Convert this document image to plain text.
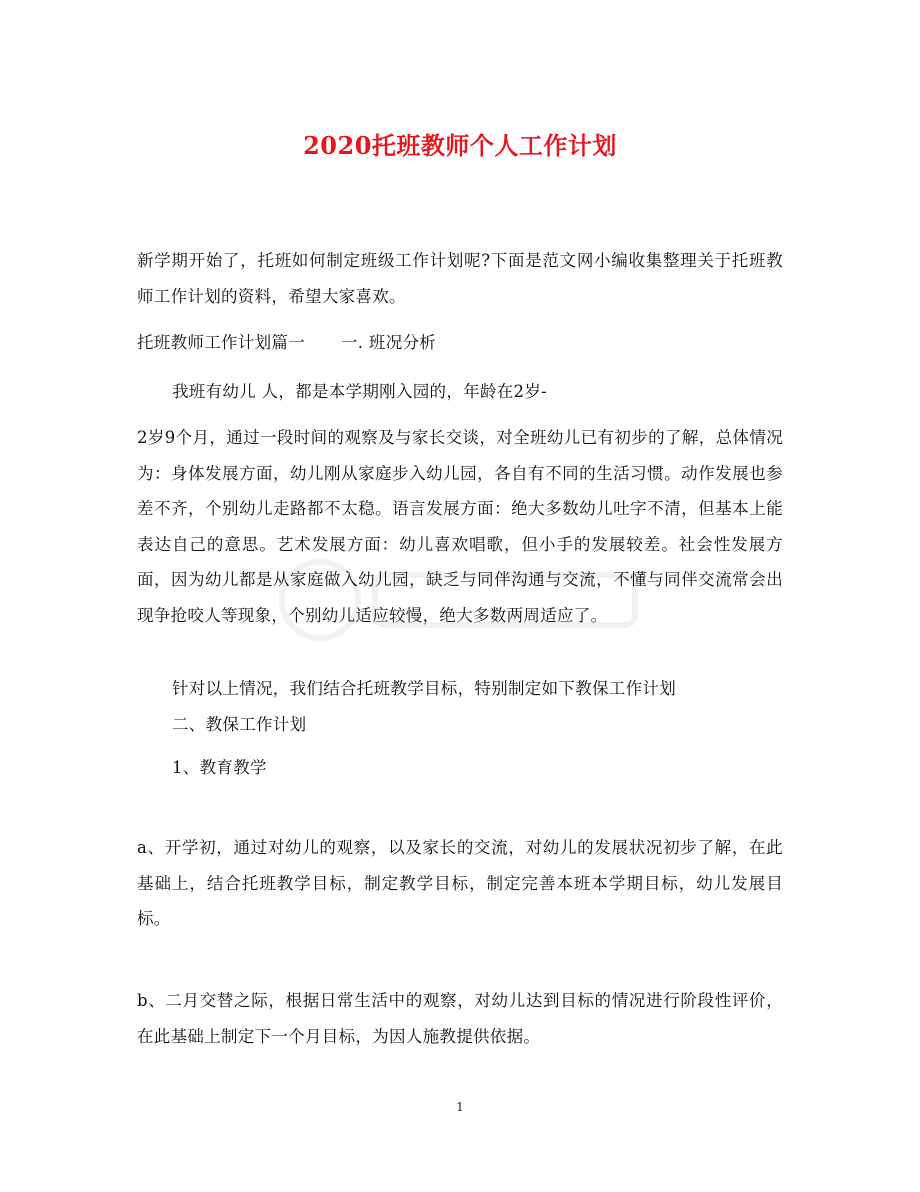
2020托班教师个人工作计划
新学期开始了，托班如何制定班级工作计划呢?下面是范文网小编收集整理关于托班教师工作计划的资料，希望大家喜欢。
托班教师工作计划篇一 一. 班况分析
我班有幼儿 人，都是本学期刚入园的，年龄在2岁-
2岁9个月，通过一段时间的观察及与家长交谈，对全班幼儿已有初步的了解，总体情况为：身体发展方面，幼儿刚从家庭步入幼儿园，各自有不同的生活习惯。动作发展也参差不齐，个别幼儿走路都不太稳。语言发展方面：绝大多数幼儿吐字不清，但基本上能表达自己的意思。艺术发展方面：幼儿喜欢唱歌，但小手的发展较差。社会性发展方面，因为幼儿都是从家庭做入幼儿园，缺乏与同伴沟通与交流，不懂与同伴交流常会出现争抢咬人等现象，个别幼儿适应较慢，绝大多数两周适应了。
针对以上情况，我们结合托班教学目标，特别制定如下教保工作计划
二、教保工作计划
1、教育教学
a、开学初，通过对幼儿的观察，以及家长的交流，对幼儿的发展状况初步了解，在此基础上，结合托班教学目标，制定教学目标，制定完善本班本学期目标，幼儿发展目标。
b、二月交替之际，根据日常生活中的观察，对幼儿达到目标的情况进行阶段性评价，在此基础上制定下一个月目标，为因人施教提供依据。
1
